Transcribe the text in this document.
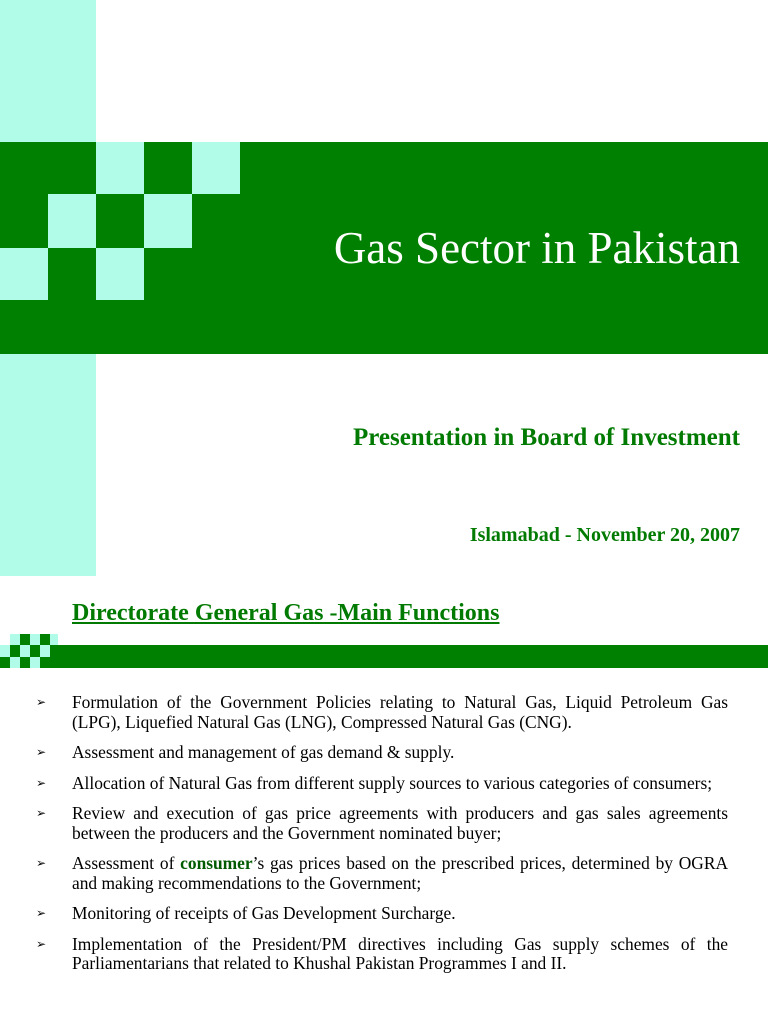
Gas Sector in Pakistan
Presentation in Board of Investment
Islamabad - November 20, 2007
Directorate General Gas -Main Functions
➢ Formulation of the Government Policies relating to Natural Gas, Liquid Petroleum Gas (LPG), Liquefied Natural Gas (LNG), Compressed Natural Gas (CNG).
➢ Assessment and management of gas demand & supply.
➢ Allocation of Natural Gas from different supply sources to various categories of consumers;
➢ Review and execution of gas price agreements with producers and gas sales agreements between the producers and the Government nominated buyer;
➢ Assessment of consumer’s gas prices based on the prescribed prices, determined by OGRA and making recommendations to the Government;
➢ Monitoring of receipts of Gas Development Surcharge.
➢ Implementation of the President/PM directives including Gas supply schemes of the Parliamentarians that related to Khushal Pakistan Programmes I and II.
